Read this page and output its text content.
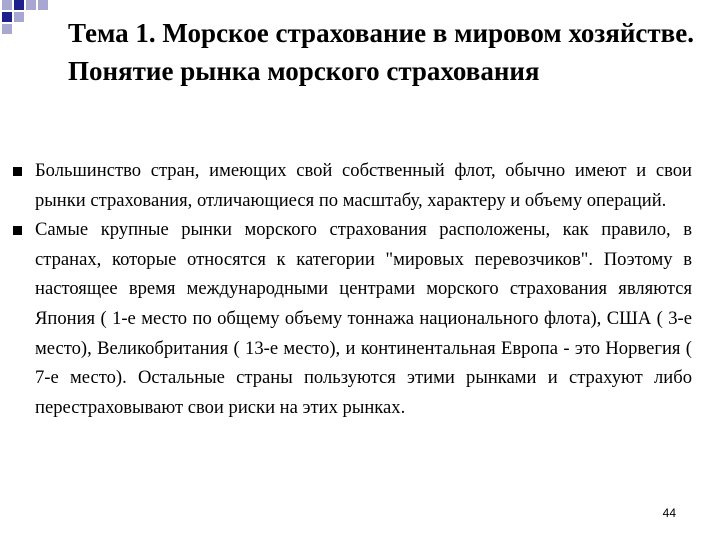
Тема 1. Морское страхование в мировом хозяйстве. Понятие рынка морского страхования
Большинство стран, имеющих свой собственный флот, обычно имеют и свои рынки страхования, отличающиеся по масштабу, характеру и объему операций.
Самые крупные рынки морского страхования расположены, как правило, в странах, которые относятся к категории "мировых перевозчиков". Поэтому в настоящее время международными центрами морского страхования являются Япония ( 1-е место по общему объему тоннажа национального флота), США ( 3-е место), Великобритания ( 13-е место), и континентальная Европа - это Норвегия ( 7-е место). Остальные страны пользуются этими рынками и страхуют либо перестраховывают свои риски на этих рынках.
44
